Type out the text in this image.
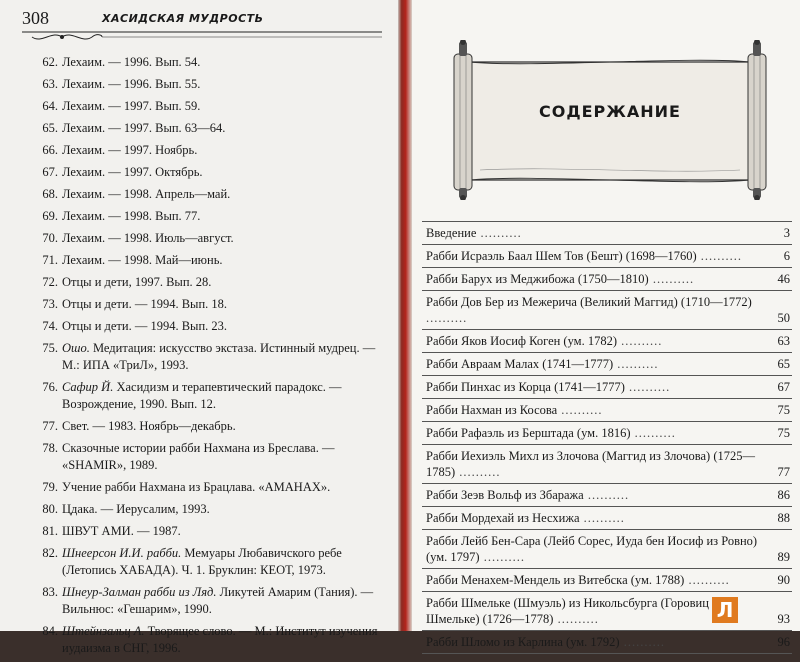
308	ХАСИДСКАЯ МУДРОСТЬ
62. Лехаим. — 1996. Вып. 54.
63. Лехаим. — 1996. Вып. 55.
64. Лехаим. — 1997. Вып. 59.
65. Лехаим. — 1997. Вып. 63—64.
66. Лехаим. — 1997. Ноябрь.
67. Лехаим. — 1997. Октябрь.
68. Лехаим. — 1998. Апрель—май.
69. Лехаим. — 1998. Вып. 77.
70. Лехаим. — 1998. Июль—август.
71. Лехаим. — 1998. Май—июнь.
72. Отцы и дети, 1997. Вып. 28.
73. Отцы и дети. — 1994. Вып. 18.
74. Отцы и дети. — 1994. Вып. 23.
75. Ошо. Медитация: искусство экстаза. Истинный мудрец. — М.: ИПА «ТриЛ», 1993.
76. Сафир Й. Хасидизм и терапевтический парадокс. — Возрождение, 1990. Вып. 12.
77. Свет. — 1983. Ноябрь—декабрь.
78. Сказочные истории рабби Нахмана из Бреслава. — «SHAMIR», 1989.
79. Учение рабби Нахмана из Брацлава. «АМАНАХ».
80. Цдака. — Иерусалим, 1993.
81. ШВУТ АМИ. — 1987.
82. Шнеерсон И.И. рабби. Мемуары Любавичского ребе (Летопись ХАБАДА). Ч. 1. Бруклин: КЕОТ, 1973.
83. Шнеур-Залман рабби из Ляд. Ликутей Амарим (Тания). — Вильнюс: «Гешарим», 1990.
84. Штейнзальц А. Творящее слово. — М.: Институт изучения иудаизма в СНГ, 1996.
СОДЕРЖАНИЕ
Введение ..........	3
Рабби Исраэль Баал Шем Тов (Бешт) (1698—1760) ..........	6
Рабби Барух из Меджибожа (1750—1810) ..........	46
Рабби Дов Бер из Межерича (Великий Маггид) (1710—1772) ..........	50
Рабби Яков Иосиф Коген (ум. 1782) ..........	63
Рабби Авраам Малах (1741—1777) ..........	65
Рабби Пинхас из Корца (1741—1777) ..........	67
Рабби Нахман из Косова ..........	75
Рабби Рафаэль из Берштада (ум. 1816) ..........	75
Рабби Иехиэль Михл из Злочова (Маггид из Злочова) (1725—1785) ..........	77
Рабби Зеэв Вольф из Збаража ..........	86
Рабби Мордехай из Несхижа ..........	88
Рабби Лейб Бен-Сара (Лейб Сорес, Иуда бен Иосиф из Ровно) (ум. 1797) ..........	89
Рабби Менахем-Мендель из Витебска (ум. 1788) ..........	90
Рабби Шмельке (Шмуэль) из Никольсбурга (Горовиц Шмельке) (1726—1778) ..........	93
Рабби Шломо из Карлина (ум. 1792) ..........	96
Л
